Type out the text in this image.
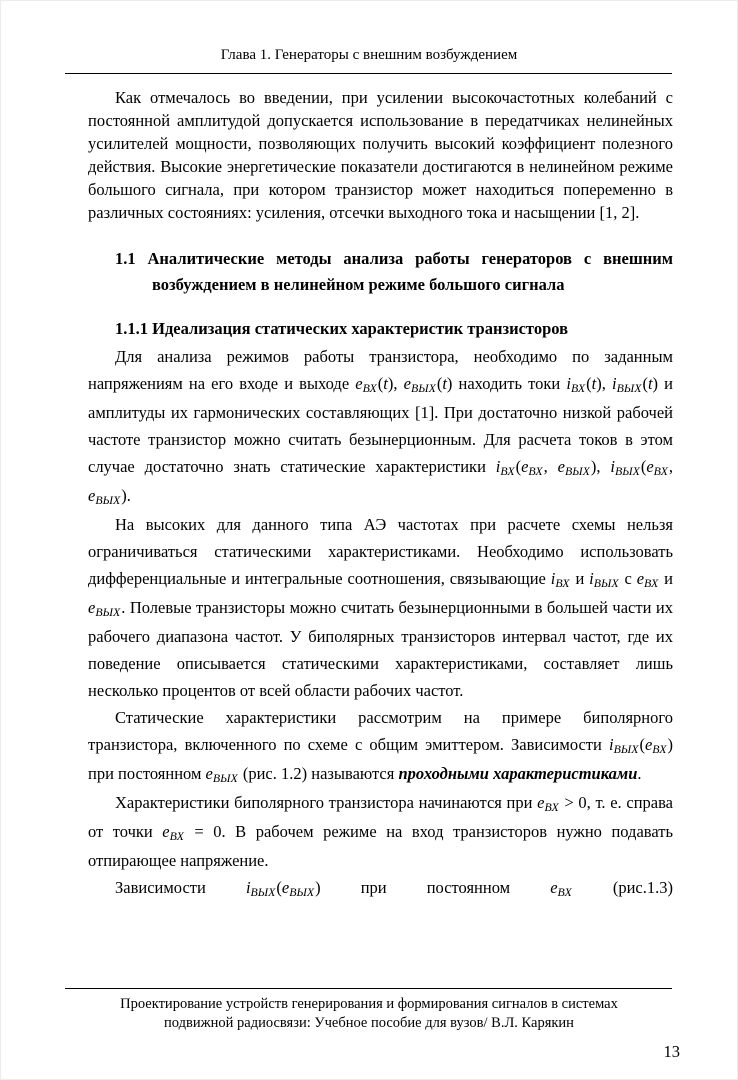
Глава 1. Генераторы с внешним возбуждением
Как отмечалось во введении, при усилении высокочастотных колебаний с постоянной амплитудой допускается использование в передатчиках нелинейных усилителей мощности, позволяющих получить высокий коэффициент полезного действия. Высокие энергетические показатели достигаются в нелинейном режиме большого сигнала, при котором транзистор может находиться попеременно в различных состояниях: усиления, отсечки выходного тока и насыщении [1, 2].
1.1 Аналитические методы анализа работы генераторов с внешним возбуждением в нелинейном режиме большого сигнала
1.1.1 Идеализация статических характеристик транзисторов
Для анализа режимов работы транзистора, необходимо по заданным напряжениям на его входе и выходе $e_{ВХ}(t)$, $e_{ВЫХ}(t)$ находить токи $i_{ВХ}(t)$, $i_{ВЫХ}(t)$ и амплитуды их гармонических составляющих [1]. При достаточно низкой рабочей частоте транзистор можно считать безынерционным. Для расчета токов в этом случае достаточно знать статические характеристики $i_{ВХ}(e_{ВХ}$, $e_{ВЫХ}$), $i_{ВЫХ}(e_{ВХ}$, $e_{ВЫХ}$).
На высоких для данного типа АЭ частотах при расчете схемы нельзя ограничиваться статическими характеристиками. Необходимо использовать дифференциальные и интегральные соотношения, связывающие $i_{ВХ}$ и $i_{ВЫХ}$ с $e_{ВХ}$ и $e_{ВЫХ}$. Полевые транзисторы можно считать безынерционными в большей части их рабочего диапазона частот. У биполярных транзисторов интервал частот, где их поведение описывается статическими характеристиками, составляет лишь несколько процентов от всей области рабочих частот.
Статические характеристики рассмотрим на примере биполярного транзистора, включенного по схеме с общим эмиттером. Зависимости $i_{ВЫХ}(e_{ВХ})$ при постоянном $e_{ВЫХ}$ (рис. 1.2) называются проходными характеристиками.
Характеристики биполярного транзистора начинаются при $e_{ВХ} > 0$, т. е. справа от точки $e_{ВХ} = 0$. В рабочем режиме на вход транзисторов нужно подавать отпирающее напряжение.
Зависимости $i_{ВЫХ}(e_{ВЫХ})$ при постоянном $e_{ВХ}$ (рис.1.3)
Проектирование устройств генерирования и формирования сигналов в системах
подвижной радиосвязи: Учебное пособие для вузов/ В.Л. Карякин
13
